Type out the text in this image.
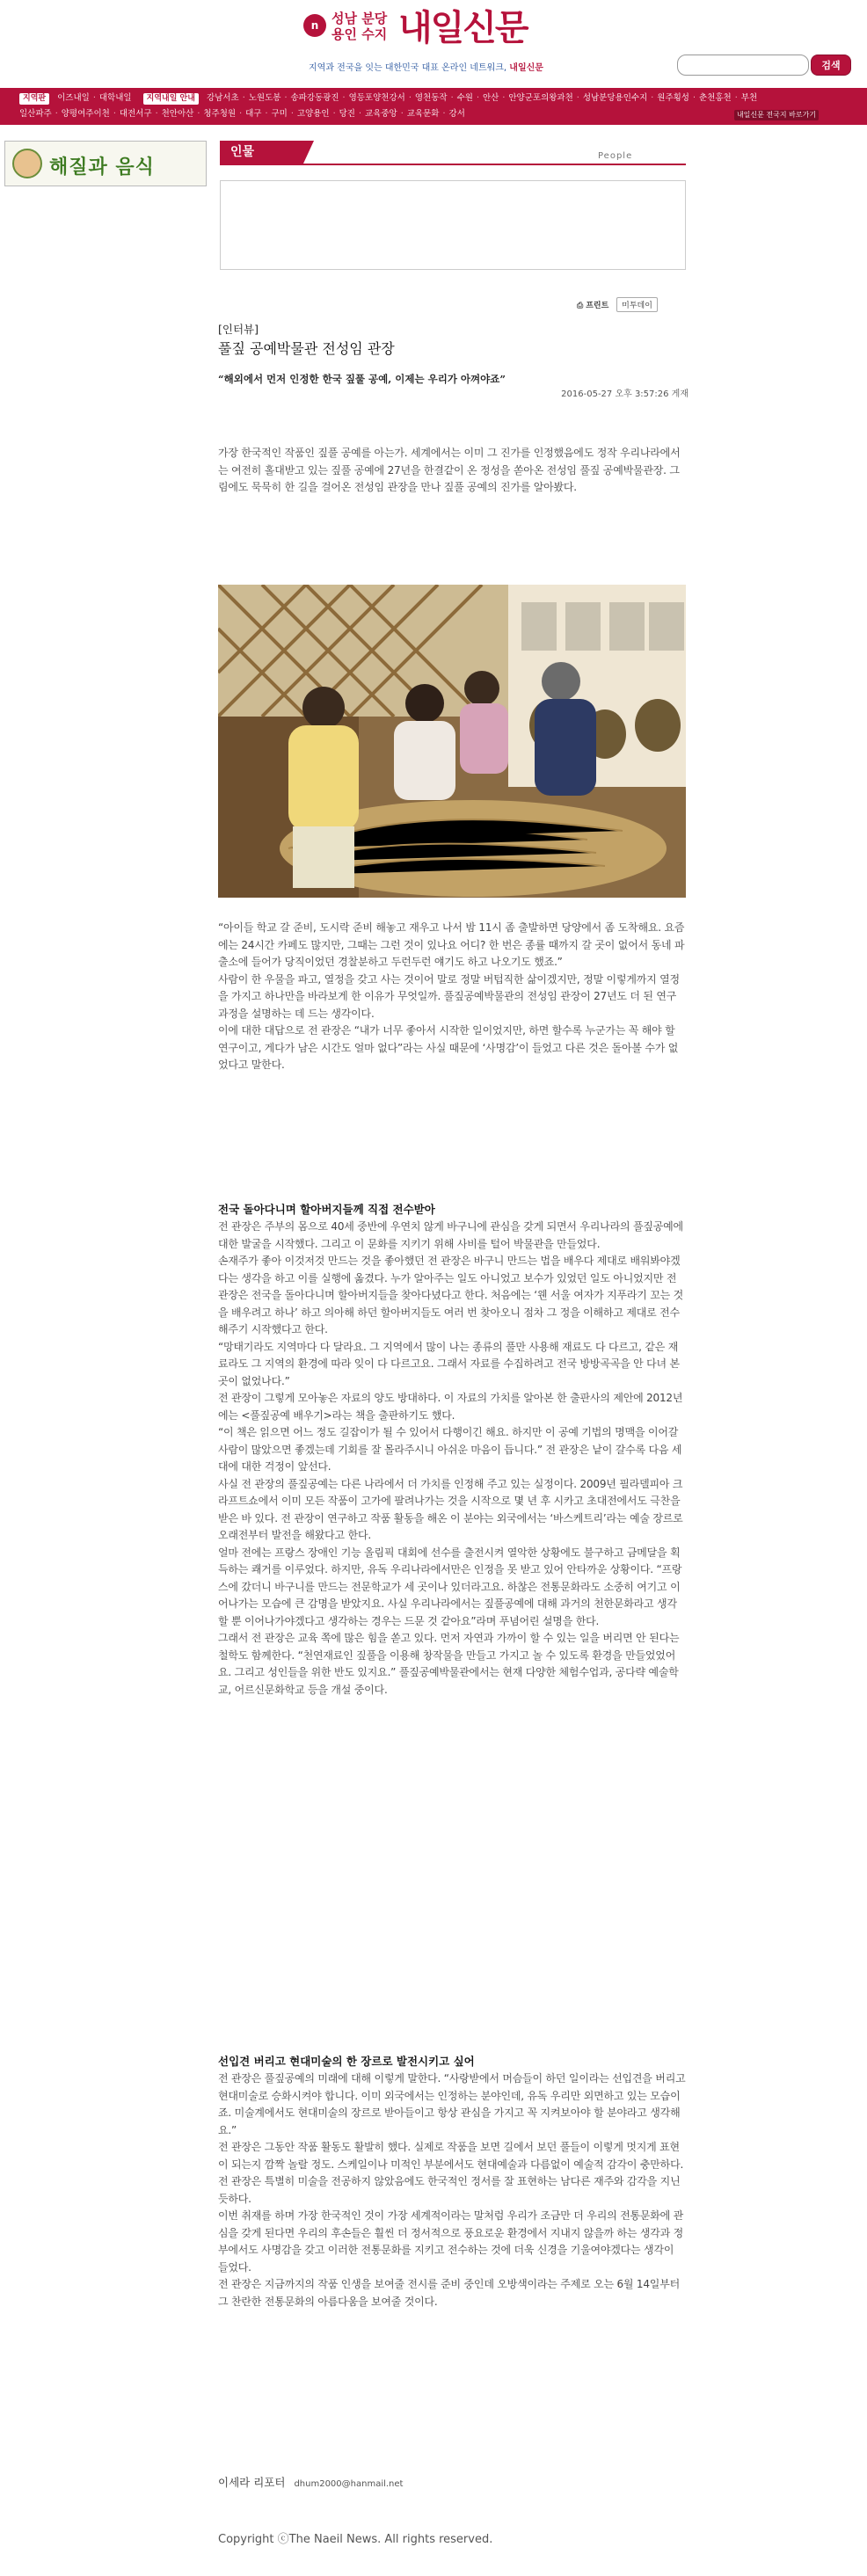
n 성남 분당
용인 수지 내일신문
지역과 전국을 잇는 대한민국 대표 온라인 네트워크, 내일신문	검색
지역판 이즈내일 · 대학내일 지역내일 안내 강남서초 · 노원도봉 · 송파강동광진 · 영등포양천강서 · 영천동작 · 수원 · 안산 · 안양군포의왕과천 · 성남분당용인수지 · 원주횡성 · 춘천홍천 · 부천
일산파주 · 양평여주이천 · 대전서구 · 천안아산 · 청주청원 · 대구 · 구미 · 고양용인 · 당진 · 교육중앙 · 교육문화 · 강서	내일신문 전국지 바로가기
해질과 음식
인물	People
⎙ 프린트 미투데이
[인터뷰]
풀짚 공예박물관 전성임 관장
“해외에서 먼저 인정한 한국 짚풀 공예, 이제는 우리가 아껴야죠”
2016-05-27 오후 3:57:26 게재
가장 한국적인 작품인 짚풀 공예를 아는가. 세계에서는 이미 그 진가를 인정했음에도 정작 우리나라에서는 여전히 홀대받고 있는 짚풀 공예에 27년을 한결같이 온 정성을 쏟아온 전성임 풀짚 공예박물관장. 그림에도 묵묵히 한 길을 걸어온 전성임 관장을 만나 짚풀 공예의 진가를 알아봤다.

“아이들 학교 갈 준비, 도시락 준비 해놓고 재우고 나서 밤 11시 좀 출발하면 당양에서 좀 도착해요. 요즘에는 24시간 카페도 많지만, 그때는 그런 것이 있나요 어디? 한 번은 종률 때까지 갈 곳이 없어서 동네 파출소에 들어가 당직이었던 경찰분하고 두런두런 얘기도 하고 나오기도 했죠.”

사람이 한 우물을 파고, 열정을 갖고 사는 것이어 말로 정말 버텁직한 삶이겠지만, 정말 이렇게까지 열정을 가지고 하나만을 바라보게 한 이유가 무엇일까. 풀짚공예박물관의 전성임 관장이 27년도 더 된 연구과정을 설명하는 데 드는 생각이다.

이에 대한 대답으로 전 관장은 “내가 너무 좋아서 시작한 일이었지만, 하면 할수록 누군가는 꼭 해야 할 연구이고, 게다가 남은 시간도 얼마 없다”라는 사실 때문에 ‘사명감’이 들었고 다른 것은 돌아볼 수가 없었다고 말한다.

전국 돌아다니며 할아버지들께 직접 전수받아

전 관장은 주부의 몸으로 40세 중반에 우연치 않게 바구니에 관심을 갖게 되면서 우리나라의 풀짚공예에 대한 발굴을 시작했다. 그리고 이 문화를 지키기 위해 사비를 털어 박물관을 만들었다.

손재주가 좋아 이것저것 만드는 것을 좋아했던 전 관장은 바구니 만드는 법을 배우다 제대로 배워봐야겠다는 생각을 하고 이를 실행에 옮겼다. 누가 알아주는 일도 아니었고 보수가 있었던 일도 아니었지만 전 관장은 전국을 돌아다니며 할아버지들을 찾아다녔다고 한다. 처음에는 ‘웬 서울 여자가 지푸라기 꼬는 것을 배우려고 하나’ 하고 의아해 하던 할아버지들도 여러 번 찾아오니 점차 그 정을 이해하고 제대로 전수해주기 시작했다고 한다.

“망태기라도 지역마다 다 달라요. 그 지역에서 많이 나는 종류의 풀만 사용해 재료도 다 다르고, 같은 재료라도 그 지역의 환경에 따라 잊이 다 다르고요. 그래서 자료를 수집하려고 전국 방방곡곡을 안 다녀 본 곳이 없었나다.”

전 관장이 그렇게 모아놓은 자료의 양도 방대하다. 이 자료의 가치를 알아본 한 출판사의 제안에 2012년에는 <풀짚공예 배우기>라는 책을 출판하기도 했다.

“이 책은 읽으면 어느 정도 길잡이가 될 수 있어서 다행이긴 해요. 하지만 이 공예 기법의 명맥을 이어갈 사람이 많았으면 좋겠는데 기회를 잘 몰라주시니 아쉬운 마음이 듭니다.” 전 관장은 낱이 갈수록 다음 세대에 대한 걱정이 앞선다.

사실 전 관장의 풀짚공예는 다른 나라에서 더 가치를 인정해 주고 있는 실정이다. 2009년 필라델피아 크라프트쇼에서 이미 모든 작품이 고가에 팔려나가는 것을 시작으로 몇 년 후 시카고 초대전에서도 극찬을 받은 바 있다. 전 관장이 연구하고 작품 활동을 해온 이 분야는 외국에서는 ‘바스케트리’라는 예술 장르로 오래전부터 발전을 해왔다고 한다.

얼마 전에는 프랑스 장애인 기능 올림픽 대회에 선수를 출전시켜 열악한 상황에도 불구하고 금메달을 획득하는 쾌거를 이루었다. 하지만, 유독 우리나라에서만은 인정을 못 받고 있어 안타까운 상황이다. “프랑스에 갔더니 바구니를 만드는 전문학교가 세 곳이나 있더라고요. 하찮은 전통문화라도 소중히 여기고 이어나가는 모습에 큰 감명을 받았지요. 사실 우리나라에서는 짚풀공예에 대해 과거의 천한문화라고 생각할 뿐 이어나가야겠다고 생각하는 경우는 드문 것 같아요”라며 푸념어린 설명을 한다.

그래서 전 관장은 교육 쪽에 많은 힘을 쏟고 있다. 먼저 자연과 가까이 할 수 있는 일을 버리면 안 된다는 철학도 함께한다. “천연재료인 짚풀을 이용해 창작물을 만들고 가지고 놀 수 있도록 환경을 만들었었어요. 그리고 성인들을 위한 반도 있지요.” 풀짚공예박물관에서는 현재 다양한 체험수업과, 공다략 예술학교, 어르신문화학교 등을 개설 중이다.

선입견 버리고 현대미술의 한 장르로 발전시키고 싶어

전 관장은 풀짚공예의 미래에 대해 이렇게 말한다. “사랑받에서 머슴들이 하던 일이라는 선입견을 버리고 현대미술로 승화시켜야 합니다. 이미 외국에서는 인정하는 분야인데, 유독 우리만 외면하고 있는 모습이죠. 미술계에서도 현대미술의 장르로 받아들이고 항상 관심을 가지고 꼭 지켜보아야 할 분야라고 생각해요.”

전 관장은 그동안 작품 활동도 활발히 했다. 실제로 작품을 보면 길에서 보던 풀들이 이렇게 멋지게 표현이 되는지 깜짝 놀랄 정도. 스케일이나 미적인 부분에서도 현대예술과 다름없이 예술적 감각이 충만하다. 전 관장은 특별히 미술을 전공하지 않았음에도 한국적인 정서를 잘 표현하는 남다른 재주와 감각을 지닌 듯하다.

이번 취재를 하며 가장 한국적인 것이 가장 세계적이라는 말처럼 우리가 조금만 더 우리의 전통문화에 관심을 갖게 된다면 우리의 후손들은 훨씬 더 정서적으로 풍요로운 환경에서 지내지 않을까 하는 생각과 정부에서도 사명감을 갖고 이러한 전통문화를 지키고 전수하는 것에 더욱 신경을 기울여야겠다는 생각이 들었다.

전 관장은 지금까지의 작품 인생을 보여줄 전시를 준비 중인데 오방색이라는 주제로 오는 6월 14일부터 그 찬란한 전통문화의 아름다움을 보여줄 것이다.

이세라 리포터 dhum2000@hanmail.net
Copyright ⓒThe Naeil News. All rights reserved.
